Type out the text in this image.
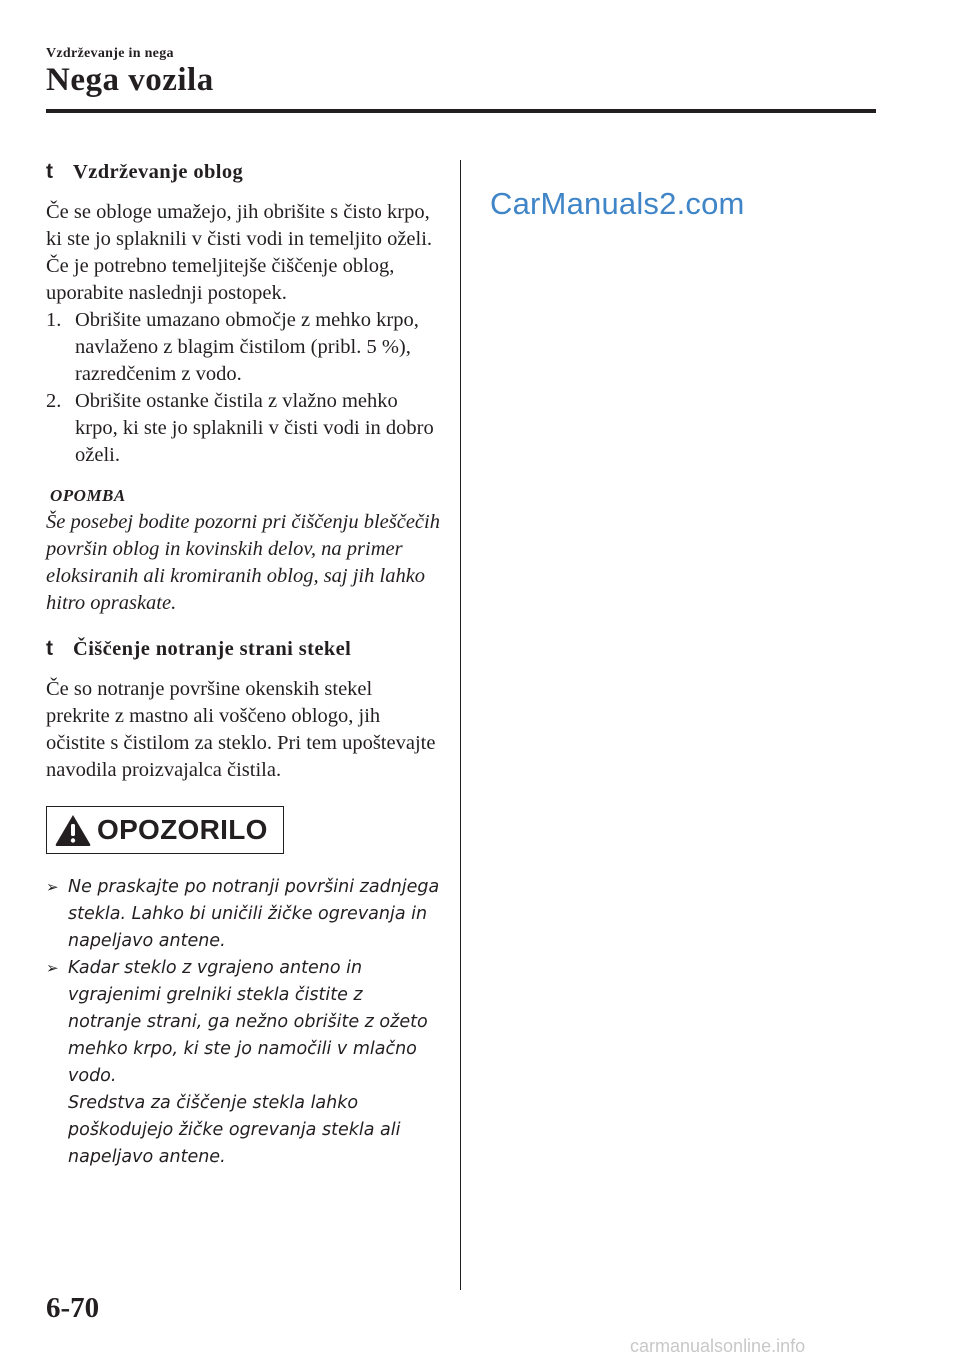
Vzdrževanje in nega
Nega vozila
t Vzdrževanje oblog

Če se obloge umažejo, jih obrišite s čisto krpo, ki ste jo splaknili v čisti vodi in temeljito oželi.

Če je potrebno temeljitejše čiščenje oblog, uporabite naslednji postopek.

1. Obrišite umazano območje z mehko krpo, navlaženo z blagim čistilom (pribl. 5 %), razredčenim z vodo.
2. Obrišite ostanke čistila z vlažno mehko krpo, ki ste jo splaknili v čisti vodi in dobro oželi.
OPOMBA

Še posebej bodite pozorni pri čiščenju bleščečih površin oblog in kovinskih delov, na primer eloksiranih ali kromiranih oblog, saj jih lahko hitro opraskate.

t Čiščenje notranje strani stekel

Če so notranje površine okenskih stekel prekrite z mastno ali voščeno oblogo, jih očistite s čistilom za steklo. Pri tem upoštevajte navodila proizvajalca čistila.

OPOZORILO
➢ Ne praskajte po notranji površini zadnjega stekla. Lahko bi uničili žičke ogrevanja in napeljavo antene.
➢ Kadar steklo z vgrajeno anteno in vgrajenimi grelniki stekla čistite z notranje strani, ga nežno obrišite z ožeto mehko krpo, ki ste jo namočili v mlačno vodo.
Sredstva za čiščenje stekla lahko poškodujejo žičke ogrevanja stekla ali napeljavo antene.
CarManuals2.com
6-70
carmanualsonline.info
